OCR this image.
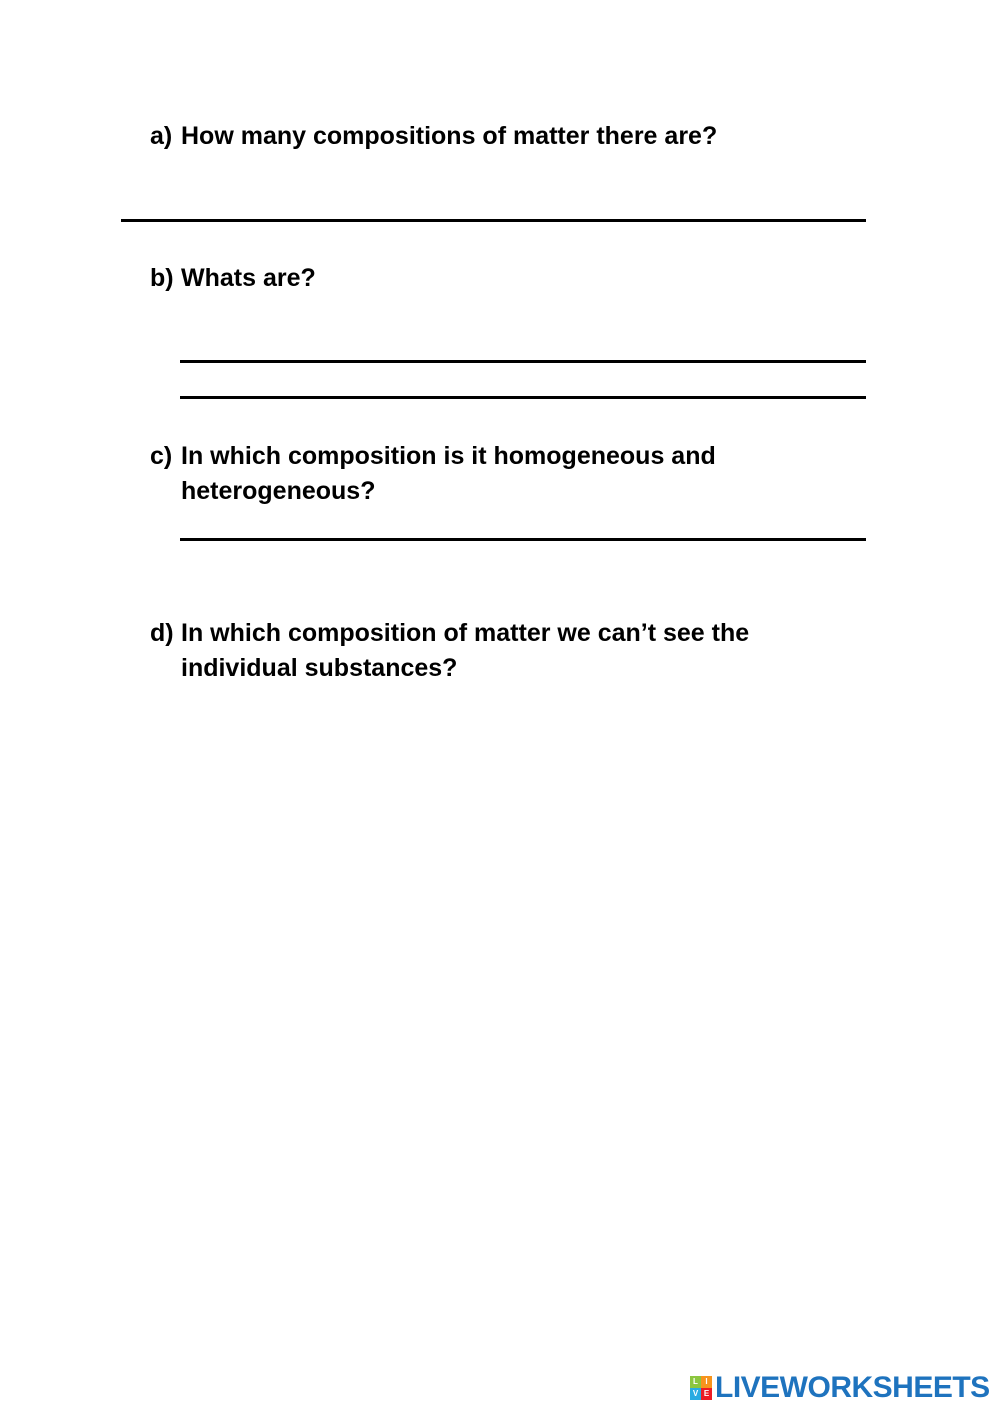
a) How many compositions of matter there are?
b) Whats are?
c) In which composition is it homogeneous and heterogeneous?
d) In which composition of matter we can’t see the individual substances?
L I
V E LIVEWORKSHEETS
